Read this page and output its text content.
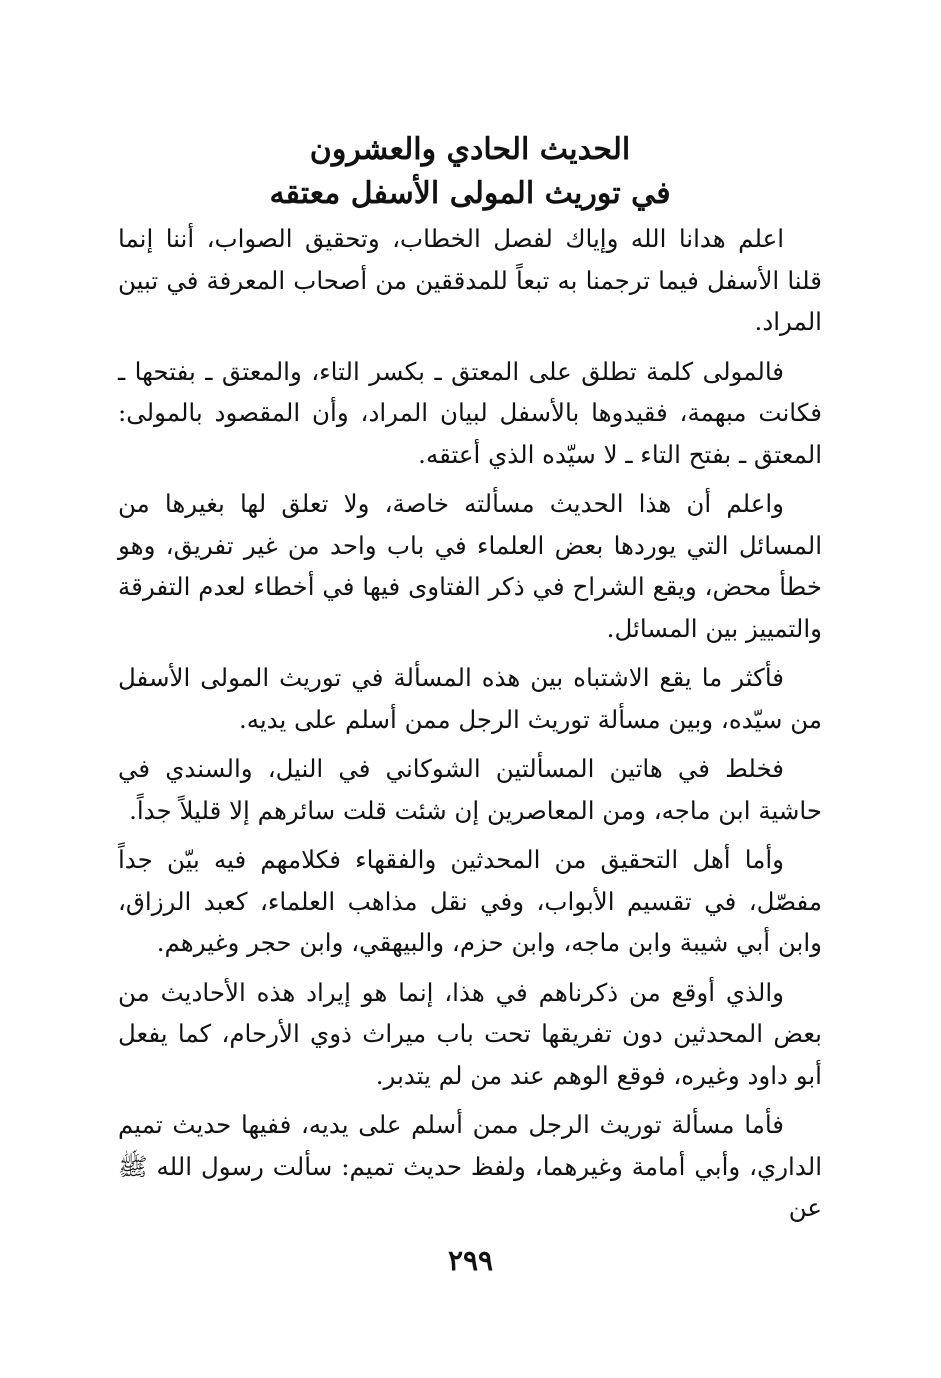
الحديث الحادي والعشرون
في توريث المولى الأسفل معتقه

اعلم هدانا الله وإياك لفصل الخطاب، وتحقيق الصواب، أننا إنما قلنا الأسفل فيما ترجمنا به تبعاً للمدققين من أصحاب المعرفة في تبين المراد.

فالمولى كلمة تطلق على المعتق ـ بكسر التاء، والمعتق ـ بفتحها ـ فكانت مبهمة، فقيدوها بالأسفل لبيان المراد، وأن المقصود بالمولى: المعتق ـ بفتح التاء ـ لا سيّده الذي أعتقه.

واعلم أن هذا الحديث مسألته خاصة، ولا تعلق لها بغيرها من المسائل التي يوردها بعض العلماء في باب واحد من غير تفريق، وهو خطأ محض، ويقع الشراح في ذكر الفتاوى فيها في أخطاء لعدم التفرقة والتمييز بين المسائل.

فأكثر ما يقع الاشتباه بين هذه المسألة في توريث المولى الأسفل من سيّده، وبين مسألة توريث الرجل ممن أسلم على يديه.

فخلط في هاتين المسألتين الشوكاني في النيل، والسندي في حاشية ابن ماجه، ومن المعاصرين إن شئت قلت سائرهم إلا قليلاً جداً.

وأما أهل التحقيق من المحدثين والفقهاء فكلامهم فيه بيّن جداً مفصّل، في تقسيم الأبواب، وفي نقل مذاهب العلماء، كعبد الرزاق، وابن أبي شيبة وابن ماجه، وابن حزم، والبيهقي، وابن حجر وغيرهم.

والذي أوقع من ذكرناهم في هذا، إنما هو إيراد هذه الأحاديث من بعض المحدثين دون تفريقها تحت باب ميراث ذوي الأرحام، كما يفعل أبو داود وغيره، فوقع الوهم عند من لم يتدبر.

فأما مسألة توريث الرجل ممن أسلم على يديه، ففيها حديث تميم الداري، وأبي أمامة وغيرهما، ولفظ حديث تميم: سألت رسول الله ﷺ عن

٢٩٩
